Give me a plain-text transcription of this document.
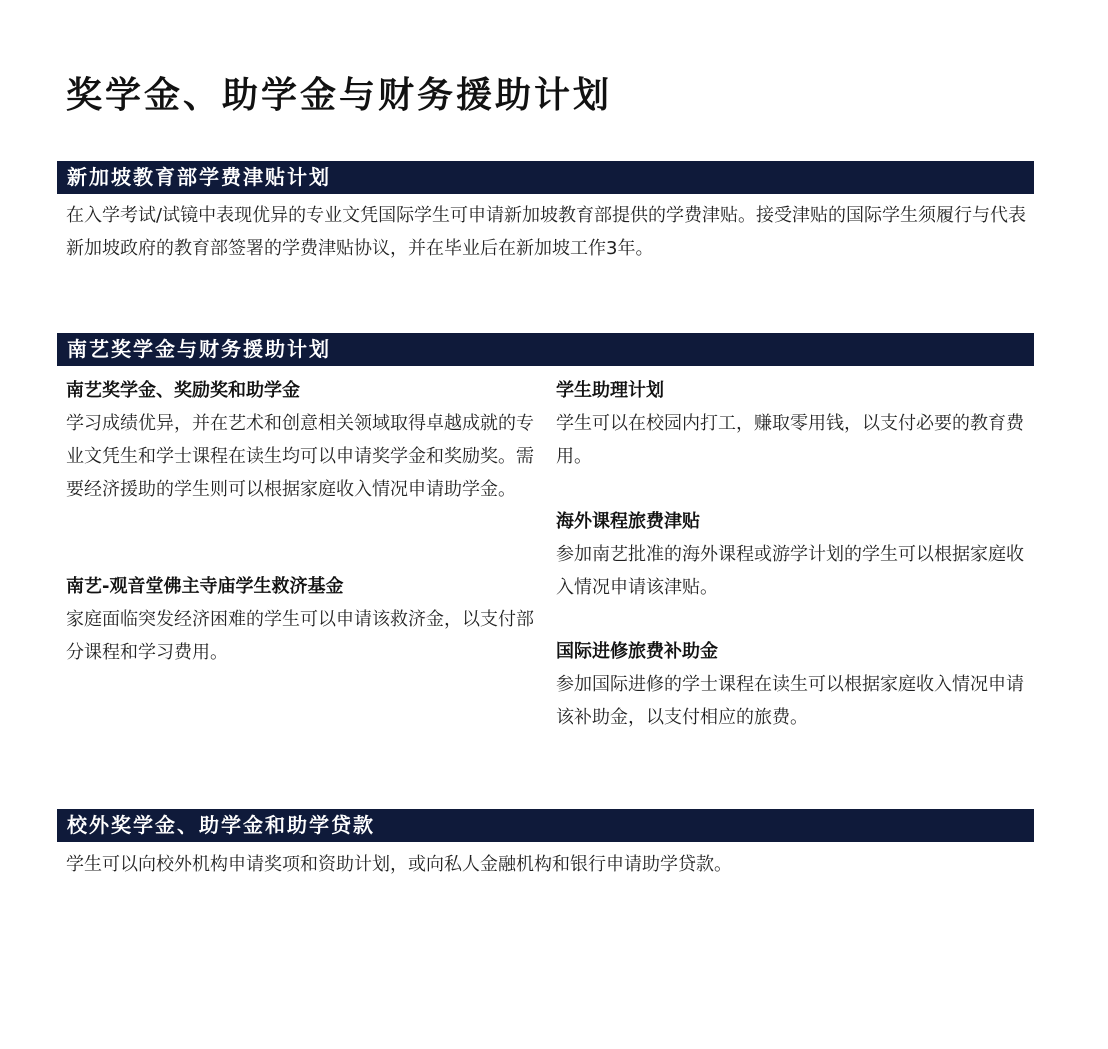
奖学金、助学金与财务援助计划
新加坡教育部学费津贴计划

在入学考试/试镜中表现优异的专业文凭国际学生可申请新加坡教育部提供的学费津贴。接受津贴的国际学生须履行与代表新加坡政府的教育部签署的学费津贴协议，并在毕业后在新加坡工作3年。

南艺奖学金与财务援助计划
南艺奖学金、奖励奖和助学金

学习成绩优异，并在艺术和创意相关领域取得卓越成就的专业文凭生和学士课程在读生均可以申请奖学金和奖励奖。需要经济援助的学生则可以根据家庭收入情况申请助学金。

南艺-观音堂佛主寺庙学生救济基金

家庭面临突发经济困难的学生可以申请该救济金，以支付部分课程和学习费用。

学生助理计划

学生可以在校园内打工，赚取零用钱，以支付必要的教育费用。

海外课程旅费津贴

参加南艺批准的海外课程或游学计划的学生可以根据家庭收入情况申请该津贴。

国际进修旅费补助金

参加国际进修的学士课程在读生可以根据家庭收入情况申请该补助金，以支付相应的旅费。

校外奖学金、助学金和助学贷款

学生可以向校外机构申请奖项和资助计划，或向私人金融机构和银行申请助学贷款。
